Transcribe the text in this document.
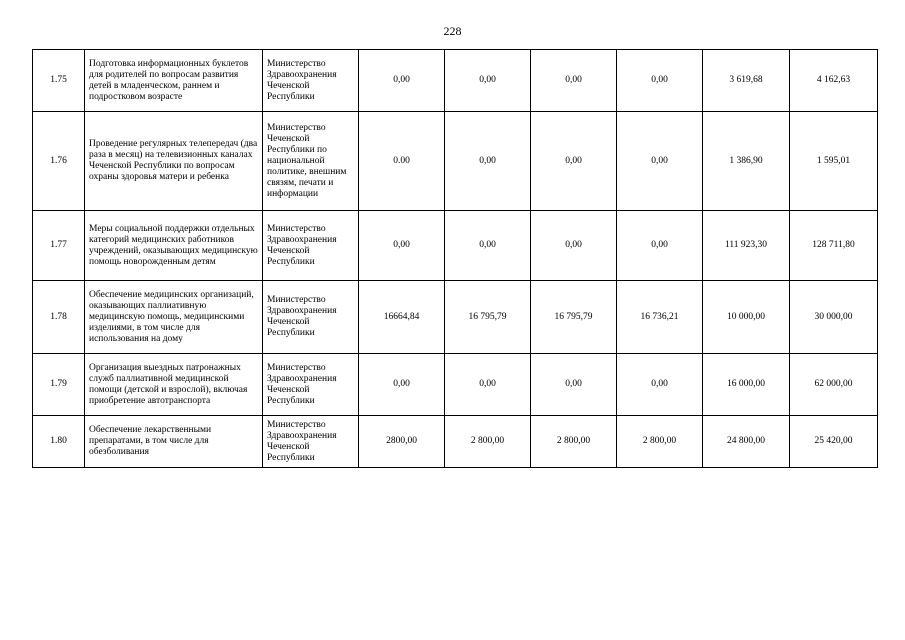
228
1.75	Подготовка информационных буклетов для родителей по вопросам развития детей в младенческом, раннем и подростковом возрасте	Министерство Здравоохранения Чеченской Республики	0,00	0,00	0,00	0,00	3 619,68	4 162,63
1.76	Проведение регулярных телепередач (два раза в месяц) на телевизионных каналах Чеченской Республики по вопросам охраны здоровья матери и ребенка	Министерство Чеченской Республики по национальной политике, внешним связям, печати и информации	0.00	0,00	0,00	0,00	1 386,90	1 595,01
1.77	Меры социальной поддержки отдельных категорий медицинских работников учреждений, оказывающих медицинскую помощь новорожденным детям	Министерство Здравоохранения Чеченской Республики	0,00	0,00	0,00	0,00	111 923,30	128 711,80
1.78	Обеспечение медицинских организаций, оказывающих паллиативную медицинскую помощь, медицинскими изделиями, в том числе для использования на дому	Министерство Здравоохранения Чеченской Республики	16664,84	16 795,79	16 795,79	16 736,21	10 000,00	30 000,00
1.79	Организация выездных патронажных служб паллиативной медицинской помощи (детской и взрослой), включая приобретение автотранспорта	Министерство Здравоохранения Чеченской Республики	0,00	0,00	0,00	0,00	16 000,00	62 000,00
1.80	Обеспечение лекарственными препаратами, в том числе для обезболивания	Министерство Здравоохранения Чеченской Республики	2800,00	2 800,00	2 800,00	2 800,00	24 800,00	25 420,00
